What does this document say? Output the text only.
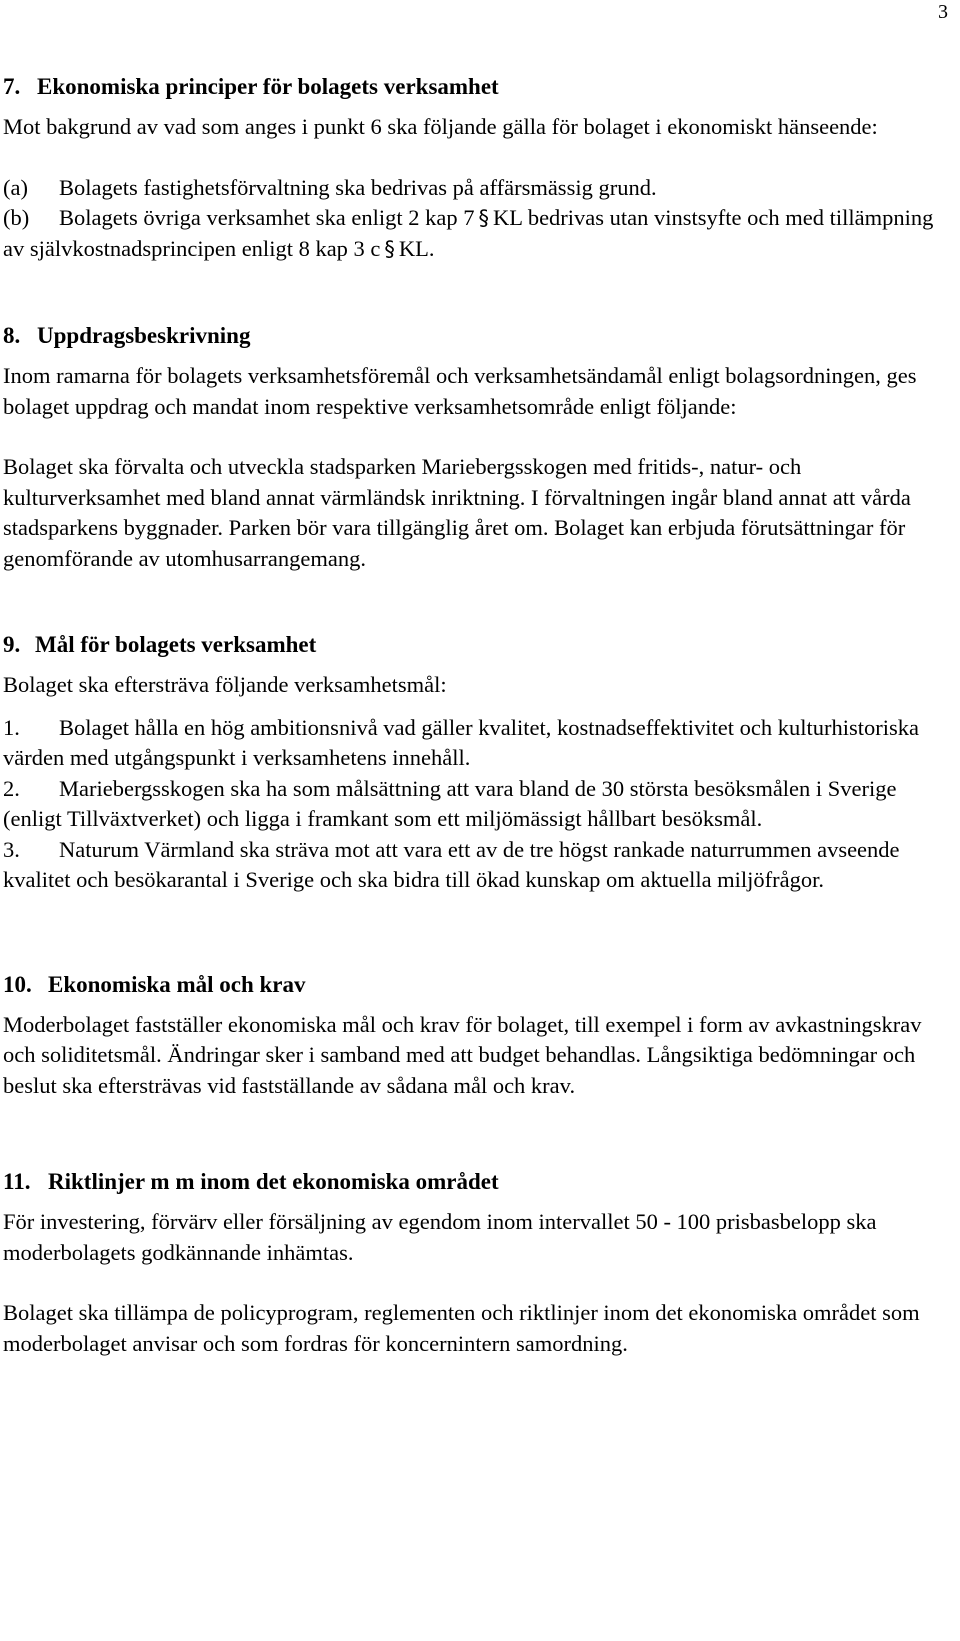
3
7. Ekonomiska principer för bolagets verksamhet

Mot bakgrund av vad som anges i punkt 6 ska följande gälla för bolaget i ekonomiskt hänseende:

(a) Bolagets fastighetsförvaltning ska bedrivas på affärsmässig grund.

(b) Bolagets övriga verksamhet ska enligt 2 kap 7 § KL bedrivas utan vinstsyfte och med tillämpning av självkostnadsprincipen enligt 8 kap 3 c § KL.

8. Uppdragsbeskrivning

Inom ramarna för bolagets verksamhetsföremål och verksamhetsändamål enligt bolagsordningen, ges bolaget uppdrag och mandat inom respektive verksamhetsområde enligt följande:

Bolaget ska förvalta och utveckla stadsparken Mariebergsskogen med fritids-, natur- och kulturverksamhet med bland annat värmländsk inriktning. I förvaltningen ingår bland annat att vårda stadsparkens byggnader. Parken bör vara tillgänglig året om. Bolaget kan erbjuda förutsättningar för genomförande av utomhusarrangemang.

9. Mål för bolagets verksamhet

Bolaget ska eftersträva följande verksamhetsmål:

1. Bolaget hålla en hög ambitionsnivå vad gäller kvalitet, kostnadseffektivitet och kulturhistoriska värden med utgångspunkt i verksamhetens innehåll.

2. Mariebergsskogen ska ha som målsättning att vara bland de 30 största besöksmålen i Sverige (enligt Tillväxtverket) och ligga i framkant som ett miljömässigt hållbart besöksmål.

3. Naturum Värmland ska sträva mot att vara ett av de tre högst rankade naturrummen avseende kvalitet och besökarantal i Sverige och ska bidra till ökad kunskap om aktuella miljöfrågor.

10. Ekonomiska mål och krav

Moderbolaget fastställer ekonomiska mål och krav för bolaget, till exempel i form av avkastningskrav och soliditetsmål. Ändringar sker i samband med att budget behandlas. Långsiktiga bedömningar och beslut ska eftersträvas vid fastställande av sådana mål och krav.

11. Riktlinjer m m inom det ekonomiska området

För investering, förvärv eller försäljning av egendom inom intervallet 50 - 100 prisbasbelopp ska moderbolagets godkännande inhämtas.

Bolaget ska tillämpa de policyprogram, reglementen och riktlinjer inom det ekonomiska området som moderbolaget anvisar och som fordras för koncernintern samordning.
